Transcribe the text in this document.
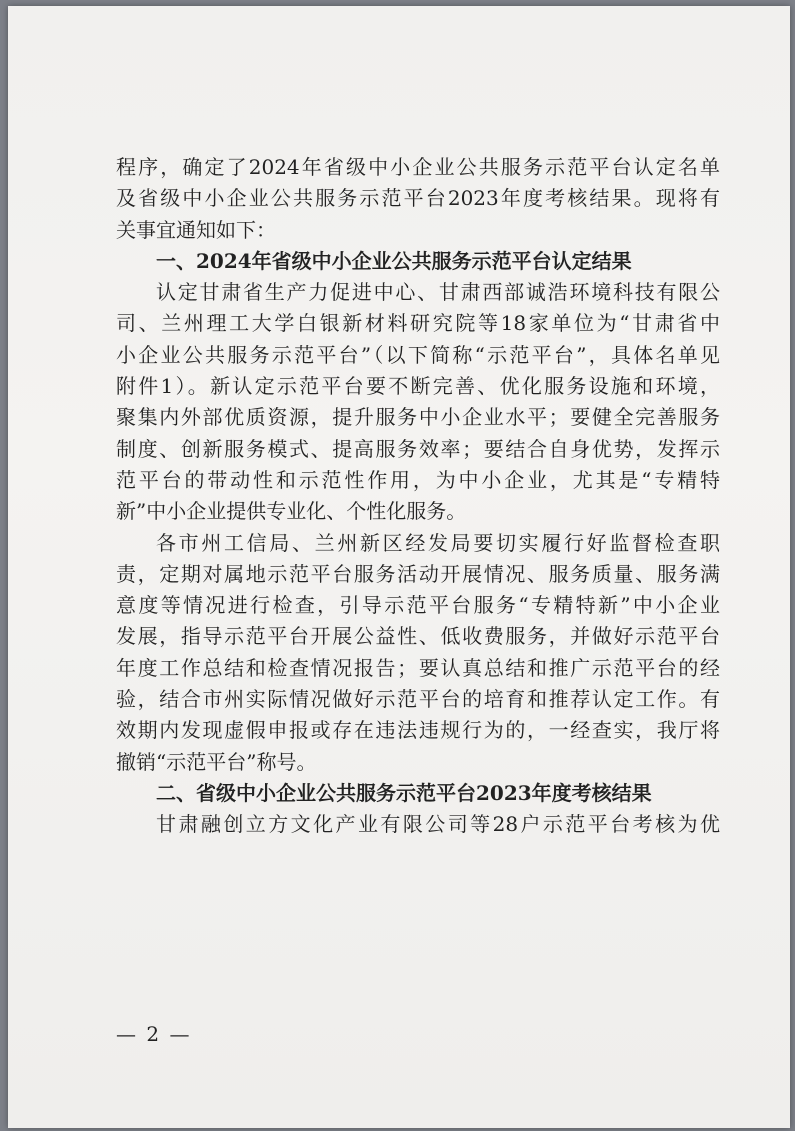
程序，确定了2024年省级中小企业公共服务示范平台认定名单
及省级中小企业公共服务示范平台2023年度考核结果。现将有
关事宜通知如下：
一、2024年省级中小企业公共服务示范平台认定结果
认定甘肃省生产力促进中心、甘肃西部诚浩环境科技有限公
司、兰州理工大学白银新材料研究院等18家单位为“甘肃省中
小企业公共服务示范平台”（以下简称“示范平台”，具体名单见
附件1）。新认定示范平台要不断完善、优化服务设施和环境，
聚集内外部优质资源，提升服务中小企业水平；要健全完善服务
制度、创新服务模式、提高服务效率；要结合自身优势，发挥示
范平台的带动性和示范性作用，为中小企业，尤其是“专精特
新”中小企业提供专业化、个性化服务。
各市州工信局、兰州新区经发局要切实履行好监督检查职
责，定期对属地示范平台服务活动开展情况、服务质量、服务满
意度等情况进行检查，引导示范平台服务“专精特新”中小企业
发展，指导示范平台开展公益性、低收费服务，并做好示范平台
年度工作总结和检查情况报告；要认真总结和推广示范平台的经
验，结合市州实际情况做好示范平台的培育和推荐认定工作。有
效期内发现虚假申报或存在违法违规行为的，一经查实，我厅将
撤销“示范平台”称号。
二、省级中小企业公共服务示范平台2023年度考核结果
甘肃融创立方文化产业有限公司等28户示范平台考核为优
— 2 —
